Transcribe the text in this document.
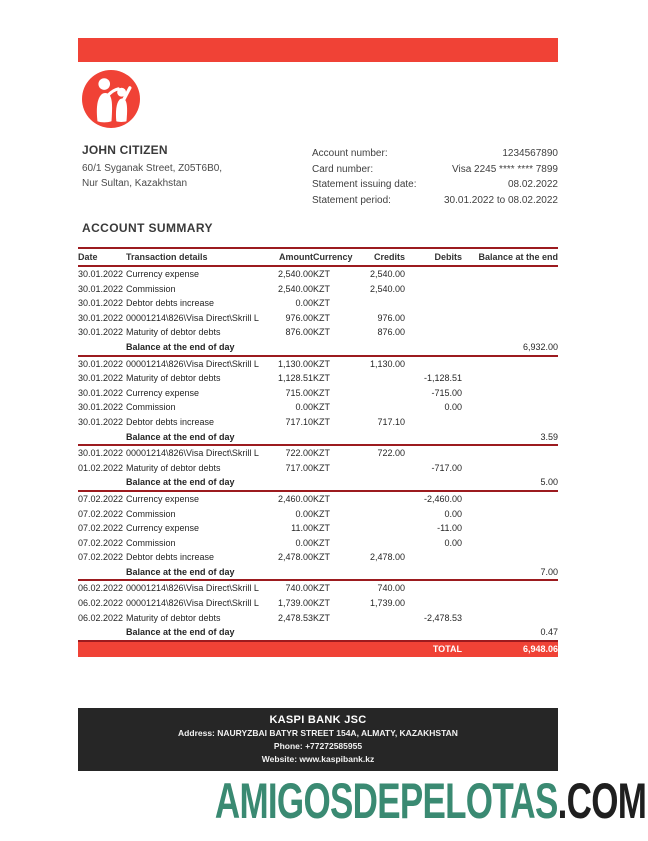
JOHN CITIZEN
60/1 Syganak Street, Z05T6B0,
Nur Sultan, Kazakhstan
Account number:	1234567890
Card number:	Visa 2245 **** **** 7899
Statement issuing date:	08.02.2022
Statement period:	30.01.2022 to 08.02.2022
ACCOUNT SUMMARY
Date	Transaction details	Amount	Currency	Credits	Debits	Balance at the end
30.01.2022	Currency expense	2,540.00	KZT	2,540.00		
30.01.2022	Commission	2,540.00	KZT	2,540.00		
30.01.2022	Debtor debts increase	0.00	KZT			
30.01.2022	00001214\826\Visa Direct\Skrill L	976.00	KZT	976.00		
30.01.2022	Maturity of debtor debts	876.00	KZT	876.00		
	Balance at the end of day					6,932.00
30.01.2022	00001214\826\Visa Direct\Skrill L	1,130.00	KZT	1,130.00		
30.01.2022	Maturity of debtor debts	1,128.51	KZT		-1,128.51	
30.01.2022	Currency expense	715.00	KZT		-715.00	
30.01.2022	Commission	0.00	KZT		0.00	
30.01.2022	Debtor debts increase	717.10	KZT	717.10		
	Balance at the end of day					3.59
30.01.2022	00001214\826\Visa Direct\Skrill L	722.00	KZT	722.00		
01.02.2022	Maturity of debtor debts	717.00	KZT		-717.00	
	Balance at the end of day					5.00
07.02.2022	Currency expense	2,460.00	KZT		-2,460.00	
07.02.2022	Commission	0.00	KZT		0.00	
07.02.2022	Currency expense	11.00	KZT		-11.00	
07.02.2022	Commission	0.00	KZT		0.00	
07.02.2022	Debtor debts increase	2,478.00	KZT	2,478.00		
	Balance at the end of day					7.00
06.02.2022	00001214\826\Visa Direct\Skrill L	740.00	KZT	740.00		
06.02.2022	00001214\826\Visa Direct\Skrill L	1,739.00	KZT	1,739.00		
06.02.2022	Maturity of debtor debts	2,478.53	KZT		-2,478.53	
	Balance at the end of day					0.47
					TOTAL	6,948.06
KASPI BANK JSC
Address: NAURYZBAI BATYR STREET 154A, ALMATY, KAZAKHSTAN
Phone: +77272585955
Website: www.kaspibank.kz
AMIGOSDEPELOTAS.COM
